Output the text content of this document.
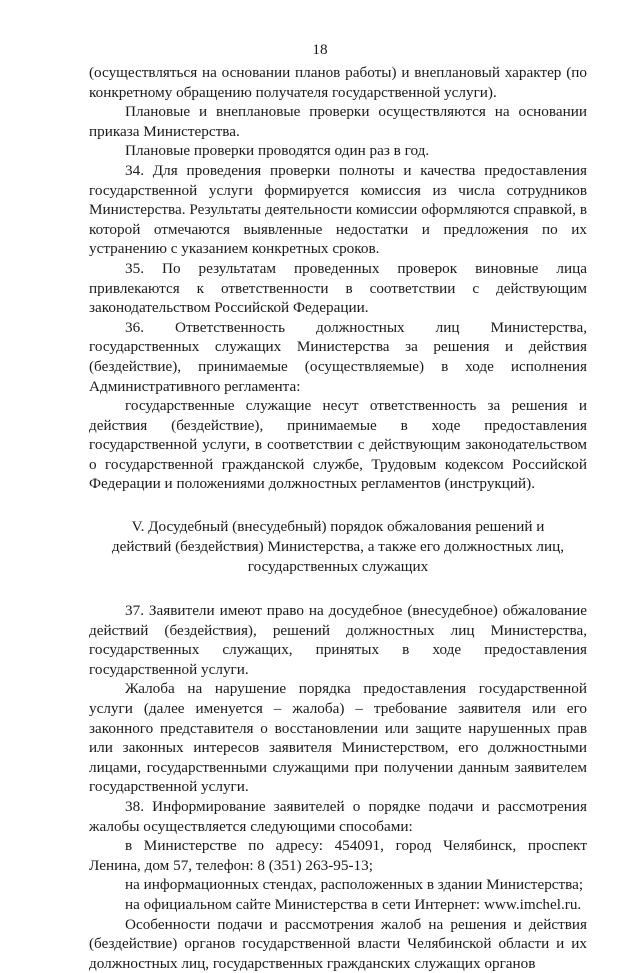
18

(осуществляться на основании планов работы) и внеплановый характер (по конкретному обращению получателя государственной услуги).

Плановые и внеплановые проверки осуществляются на основании приказа Министерства.

Плановые проверки проводятся один раз в год.

34. Для проведения проверки полноты и качества предоставления государственной услуги формируется комиссия из числа сотрудников Министерства. Результаты деятельности комиссии оформляются справкой, в которой отмечаются выявленные недостатки и предложения по их устранению с указанием конкретных сроков.

35. По результатам проведенных проверок виновные лица привлекаются к ответственности в соответствии с действующим законодательством Российской Федерации.

36. Ответственность должностных лиц Министерства, государственных служащих Министерства за решения и действия (бездействие), принимаемые (осуществляемые) в ходе исполнения Административного регламента:

государственные служащие несут ответственность за решения и действия (бездействие), принимаемые в ходе предоставления государственной услуги, в соответствии с действующим законодательством о государственной гражданской службе, Трудовым кодексом Российской Федерации и положениями должностных регламентов (инструкций).

V. Досудебный (внесудебный) порядок обжалования решений и
действий (бездействия) Министерства, а также его должностных лиц,
государственных служащих

37. Заявители имеют право на досудебное (внесудебное) обжалование действий (бездействия), решений должностных лиц Министерства, государственных служащих, принятых в ходе предоставления государственной услуги.

Жалоба на нарушение порядка предоставления государственной услуги (далее именуется – жалоба) – требование заявителя или его законного представителя о восстановлении или защите нарушенных прав или законных интересов заявителя Министерством, его должностными лицами, государственными служащими при получении данным заявителем государственной услуги.

38. Информирование заявителей о порядке подачи и рассмотрения жалобы осуществляется следующими способами:

в Министерстве по адресу: 454091, город Челябинск, проспект Ленина, дом 57, телефон: 8 (351) 263-95-13;

на информационных стендах, расположенных в здании Министерства;

на официальном сайте Министерства в сети Интернет: www.imchel.ru.

Особенности подачи и рассмотрения жалоб на решения и действия (бездействие) органов государственной власти Челябинской области и их должностных лиц, государственных гражданских служащих органов
